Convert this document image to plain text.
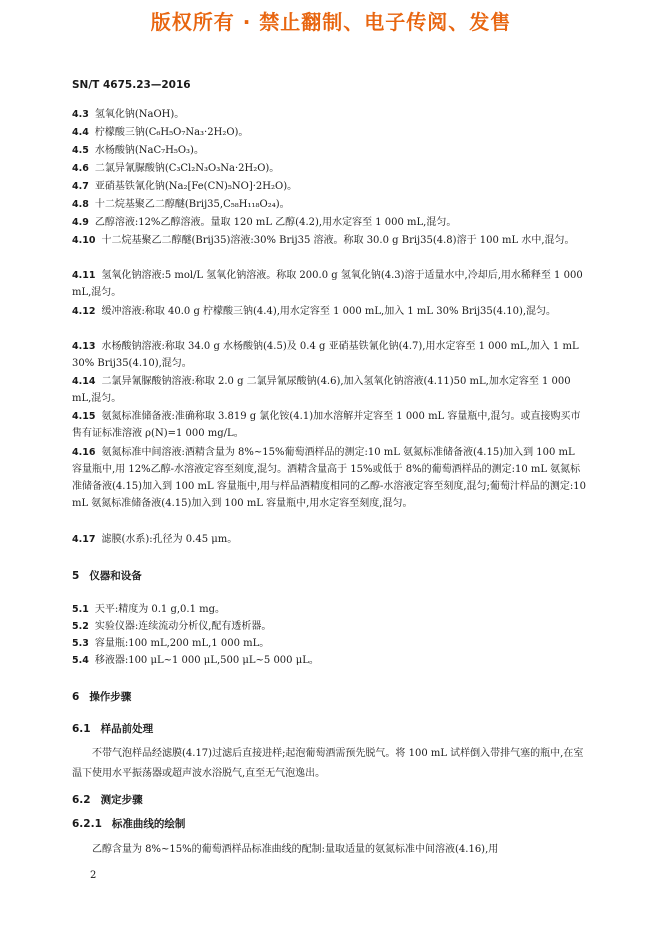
版权所有 · 禁止翻制、电子传阅、发售
SN/T 4675.23—2016
4.3 氢氧化钠(NaOH)。
4.4 柠檬酸三钠(C₆H₅O₇Na₃·2H₂O)。
4.5 水杨酸钠(NaC₇H₅O₃)。
4.6 二氯异氰脲酸钠(C₃Cl₂N₃O₃Na·2H₂O)。
4.7 亚硝基铁氰化钠(Na₂[Fe(CN)₅NO]·2H₂O)。
4.8 十二烷基聚乙二醇醚(Brij35,C₅₈H₁₁₈O₂₄)。
4.9 乙醇溶液:12%乙醇溶液。量取 120 mL 乙醇(4.2),用水定容至 1 000 mL,混匀。
4.10 十二烷基聚乙二醇醚(Brij35)溶液:30% Brij35 溶液。称取 30.0 g Brij35(4.8)溶于 100 mL 水中,混匀。
4.11 氢氧化钠溶液:5 mol/L 氢氧化钠溶液。称取 200.0 g 氢氧化钠(4.3)溶于适量水中,冷却后,用水稀释至 1 000 mL,混匀。
4.12 缓冲溶液:称取 40.0 g 柠檬酸三钠(4.4),用水定容至 1 000 mL,加入 1 mL 30% Brij35(4.10),混匀。
4.13 水杨酸钠溶液:称取 34.0 g 水杨酸钠(4.5)及 0.4 g 亚硝基铁氰化钠(4.7),用水定容至 1 000 mL,加入 1 mL 30% Brij35(4.10),混匀。
4.14 二氯异氰脲酸钠溶液:称取 2.0 g 二氯异氰尿酸钠(4.6),加入氢氧化钠溶液(4.11)50 mL,加水定容至 1 000 mL,混匀。
4.15 氨氮标准储备液:准确称取 3.819 g 氯化铵(4.1)加水溶解并定容至 1 000 mL 容量瓶中,混匀。或直接购买市售有证标准溶液 ρ(N)=1 000 mg/L。
4.16 氨氮标准中间溶液:酒精含量为 8%~15%葡萄酒样品的测定:10 mL 氨氮标准储备液(4.15)加入到 100 mL 容量瓶中,用 12%乙醇-水溶液定容至刻度,混匀。酒精含量高于 15%或低于 8%的葡萄酒样品的测定:10 mL 氨氮标准储备液(4.15)加入到 100 mL 容量瓶中,用与样品酒精度相同的乙醇-水溶液定容至刻度,混匀;葡萄汁样品的测定:10 mL 氨氮标准储备液(4.15)加入到 100 mL 容量瓶中,用水定容至刻度,混匀。
4.17 滤膜(水系):孔径为 0.45 μm。
5 仪器和设备
5.1 天平:精度为 0.1 g,0.1 mg。
5.2 实验仪器:连续流动分析仪,配有透析器。
5.3 容量瓶:100 mL,200 mL,1 000 mL。
5.4 移液器:100 μL~1 000 μL,500 μL~5 000 μL。
6 操作步骤
6.1 样品前处理
不带气泡样品经滤膜(4.17)过滤后直接进样;起泡葡萄酒需预先脱气。将 100 mL 试样倒入带排气塞的瓶中,在室温下使用水平振荡器或超声波水浴脱气,直至无气泡逸出。
6.2 测定步骤
6.2.1 标准曲线的绘制
乙醇含量为 8%~15%的葡萄酒样品标准曲线的配制:量取适量的氨氮标准中间溶液(4.16),用
2
